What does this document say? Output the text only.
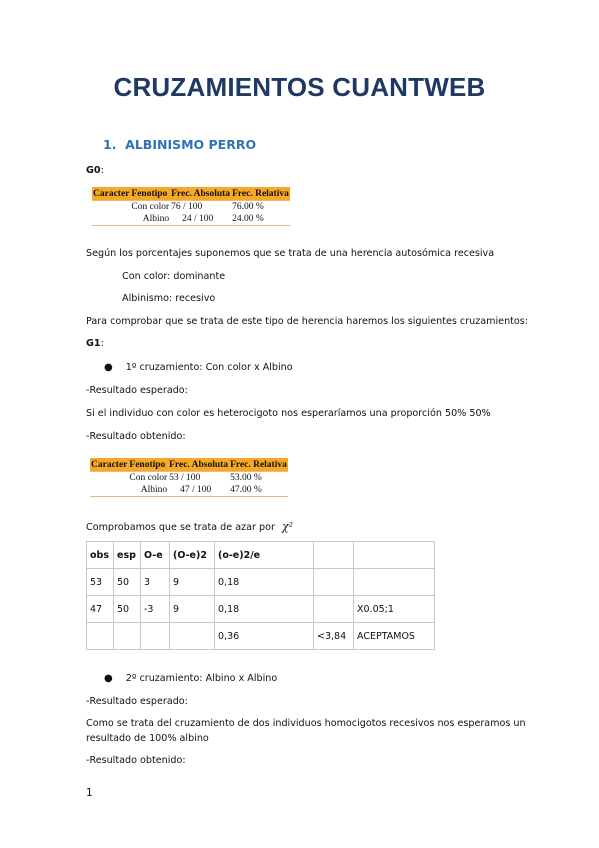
CRUZAMIENTOS CUANTWEB
1. ALBINISMO PERRO
G0:
Caracter	Fenotipo	Frec. Absoluta	Frec. Relativa
	Con color	76 / 100	76.00 %
	Albino	24 / 100	24.00 %
Según los porcentajes suponemos que se trata de una herencia autosómica recesiva
Con color: dominante
Albinismo: recesivo
Para comprobar que se trata de este tipo de herencia haremos los siguientes cruzamientos:
G1:
● 1º cruzamiento: Con color x Albino
-Resultado esperado:
Si el individuo con color es heterocigoto nos esperaríamos una proporción 50% 50%
-Resultado obtenido:
Caracter	Fenotipo	Frec. Absoluta	Frec. Relativa
	Con color	53 / 100	53.00 %
	Albino	47 / 100	47.00 %
Comprobamos que se trata de azar por χ²
obs	esp	O-e	(O-e)2	(o-e)2/e		
53	50	3	9	0,18		
47	50	-3	9	0,18		X0.05;1
				0,36	<3,84	ACEPTAMOS
● 2º cruzamiento: Albino x Albino
-Resultado esperado:
Como se trata del cruzamiento de dos individuos homocigotos recesivos nos esperamos un
resultado de 100% albino
-Resultado obtenido:
1
